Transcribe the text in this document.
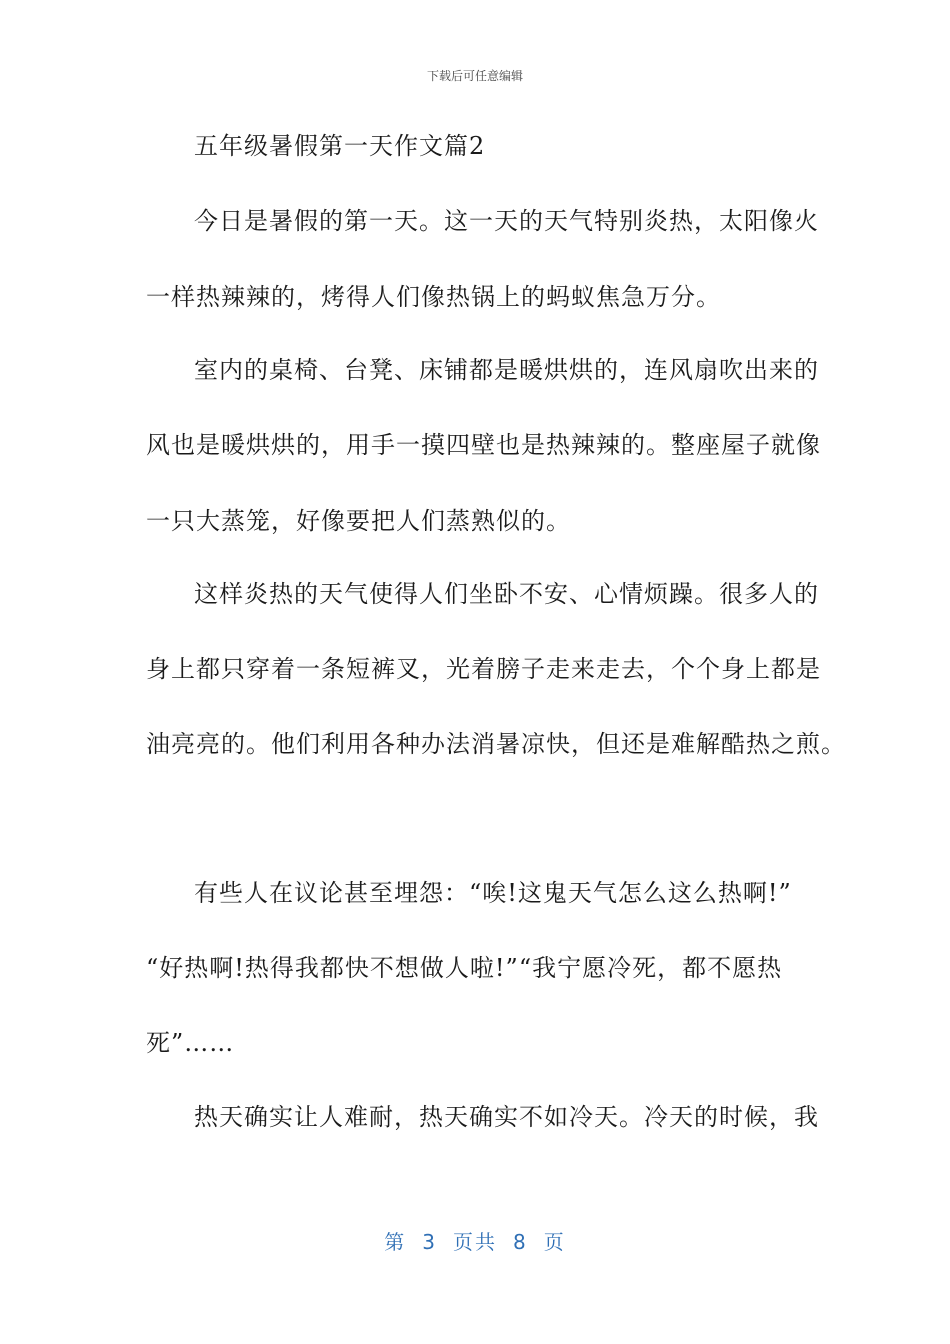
下载后可任意编辑
五年级暑假第一天作文篇2
今日是暑假的第一天。这一天的天气特别炎热，太阳像火
一样热辣辣的，烤得人们像热锅上的蚂蚁焦急万分。
室内的桌椅、台凳、床铺都是暖烘烘的，连风扇吹出来的
风也是暖烘烘的，用手一摸四壁也是热辣辣的。整座屋子就像
一只大蒸笼，好像要把人们蒸熟似的。
这样炎热的天气使得人们坐卧不安、心情烦躁。很多人的
身上都只穿着一条短裤叉，光着膀子走来走去，个个身上都是
油亮亮的。他们利用各种办法消暑凉快，但还是难解酷热之煎。
有些人在议论甚至埋怨：“唉!这鬼天气怎么这么热啊!”
“好热啊!热得我都快不想做人啦!”“我宁愿冷死，都不愿热
死”……
热天确实让人难耐，热天确实不如冷天。冷天的时候，我
第 3 页共 8 页
